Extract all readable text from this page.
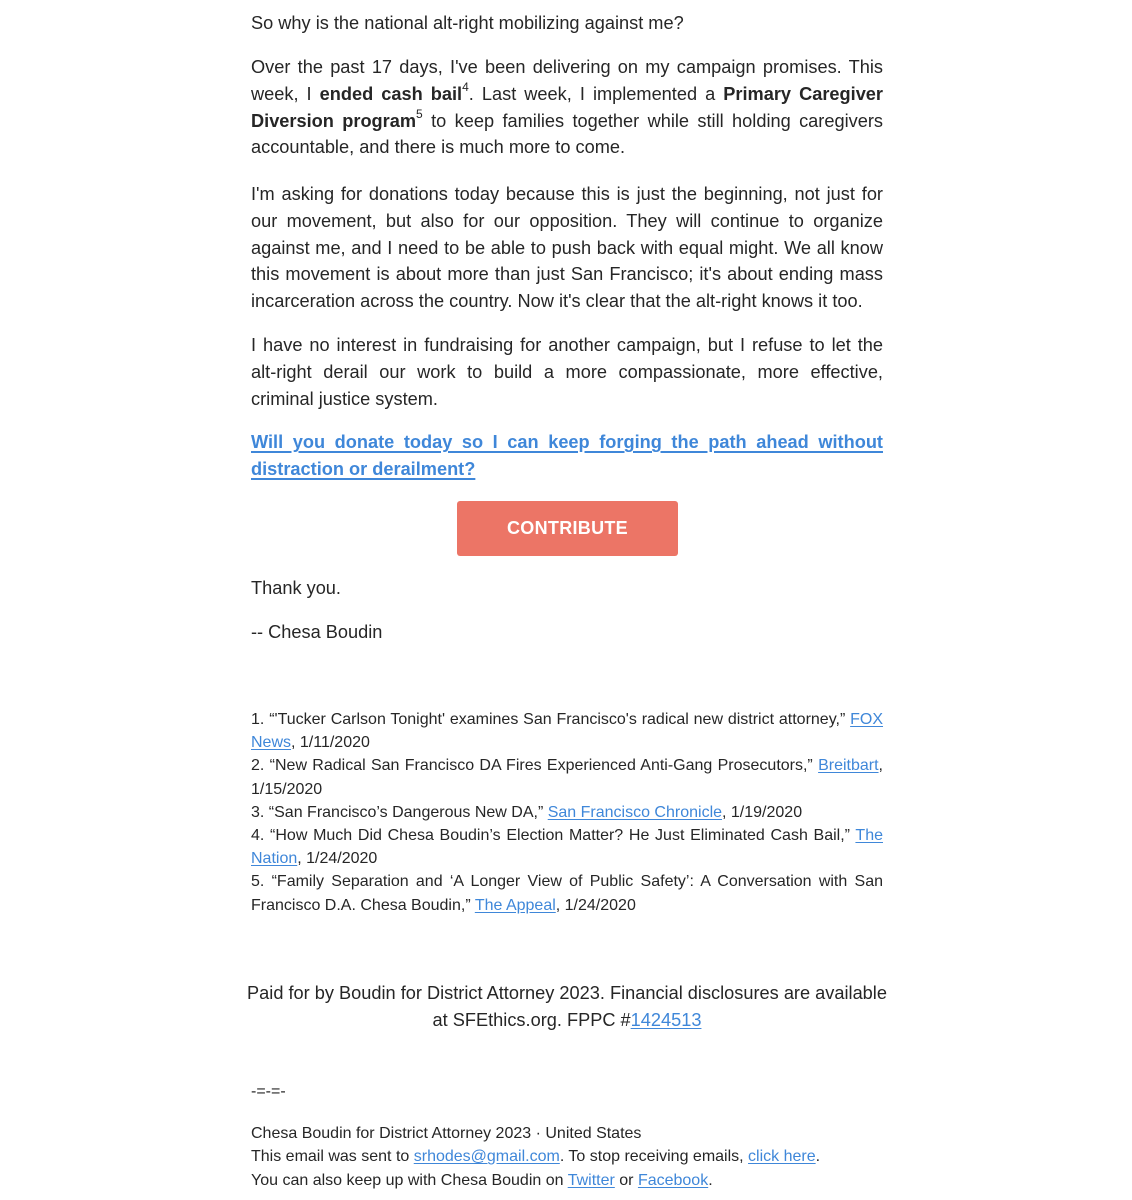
So why is the national alt-right mobilizing against me?

Over the past 17 days, I've been delivering on my campaign promises. This week, I ended cash bail$^4$. Last week, I implemented a Primary Caregiver Diversion program$^5$ to keep families together while still holding caregivers accountable, and there is much more to come.

I'm asking for donations today because this is just the beginning, not just for our movement, but also for our opposition. They will continue to organize against me, and I need to be able to push back with equal might. We all know this movement is about more than just San Francisco; it's about ending mass incarceration across the country. Now it's clear that the alt-right knows it too.

I have no interest in fundraising for another campaign, but I refuse to let the alt-right derail our work to build a more compassionate, more effective, criminal justice system.

Will you donate today so I can keep forging the path ahead without distraction or derailment?

CONTRIBUTE

Thank you.

-- Chesa Boudin

1. “'Tucker Carlson Tonight' examines San Francisco's radical new district attorney,” FOX News, 1/11/2020
2. “New Radical San Francisco DA Fires Experienced Anti-Gang Prosecutors,” Breitbart, 1/15/2020
3. “San Francisco’s Dangerous New DA,” San Francisco Chronicle, 1/19/2020
4. “How Much Did Chesa Boudin’s Election Matter? He Just Eliminated Cash Bail,” The Nation, 1/24/2020
5. “Family Separation and ‘A Longer View of Public Safety’: A Conversation with San Francisco D.A. Chesa Boudin,” The Appeal, 1/24/2020
Paid for by Boudin for District Attorney 2023. Financial disclosures are available at SFEthics.org. FPPC #1424513
-=-=-
Chesa Boudin for District Attorney 2023 · United States
This email was sent to srhodes@gmail.com. To stop receiving emails, click here.
You can also keep up with Chesa Boudin on Twitter or Facebook.
